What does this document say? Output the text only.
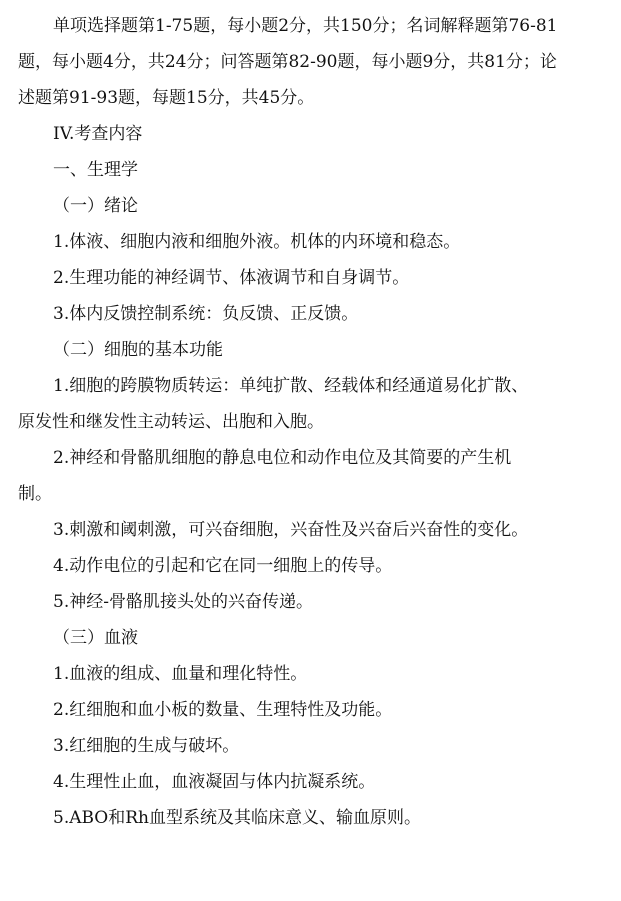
单项选择题第1-75题，每小题2分，共150分；名词解释题第76-81
题，每小题4分，共24分；问答题第82-90题，每小题9分，共81分；论
述题第91-93题，每题15分，共45分。
IV.考查内容
一、生理学
（一）绪论
1.体液、细胞内液和细胞外液。机体的内环境和稳态。
2.生理功能的神经调节、体液调节和自身调节。
3.体内反馈控制系统：负反馈、正反馈。
（二）细胞的基本功能
1.细胞的跨膜物质转运：单纯扩散、经载体和经通道易化扩散、
原发性和继发性主动转运、出胞和入胞。
2.神经和骨骼肌细胞的静息电位和动作电位及其简要的产生机
制。
3.刺激和阈刺激，可兴奋细胞，兴奋性及兴奋后兴奋性的变化。
4.动作电位的引起和它在同一细胞上的传导。
5.神经-骨骼肌接头处的兴奋传递。
（三）血液
1.血液的组成、血量和理化特性。
2.红细胞和血小板的数量、生理特性及功能。
3.红细胞的生成与破坏。
4.生理性止血，血液凝固与体内抗凝系统。
5.ABO和Rh血型系统及其临床意义、输血原则。
